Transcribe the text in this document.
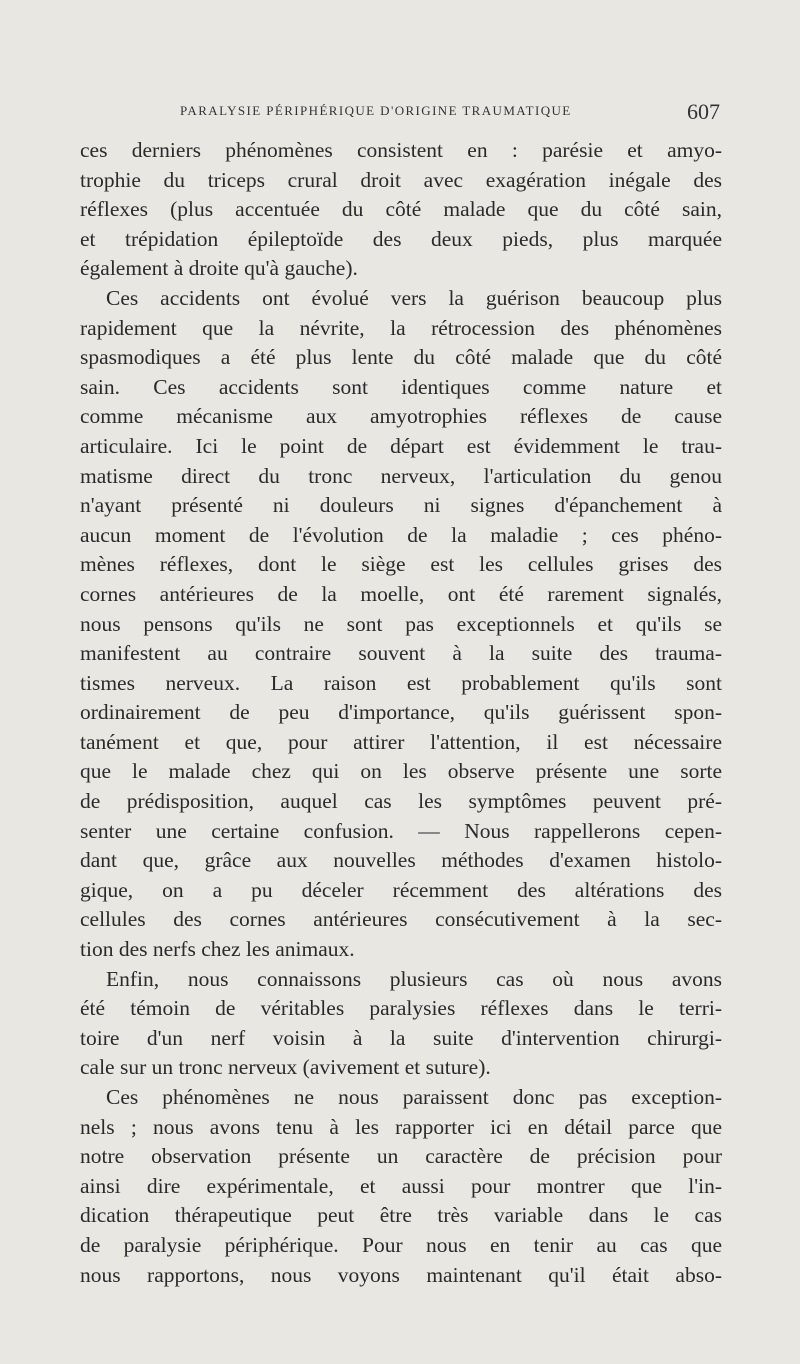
PARALYSIE PÉRIPHÉRIQUE D'ORIGINE TRAUMATIQUE	607
ces derniers phénomènes consistent en : parésie et amyo-
trophie du triceps crural droit avec exagération inégale des
réflexes (plus accentuée du côté malade que du côté sain,
et trépidation épileptoïde des deux pieds, plus marquée
également à droite qu'à gauche).
Ces accidents ont évolué vers la guérison beaucoup plus
rapidement que la névrite, la rétrocession des phénomènes
spasmodiques a été plus lente du côté malade que du côté
sain. Ces accidents sont identiques comme nature et
comme mécanisme aux amyotrophies réflexes de cause
articulaire. Ici le point de départ est évidemment le trau-
matisme direct du tronc nerveux, l'articulation du genou
n'ayant présenté ni douleurs ni signes d'épanchement à
aucun moment de l'évolution de la maladie ; ces phéno-
mènes réflexes, dont le siège est les cellules grises des
cornes antérieures de la moelle, ont été rarement signalés,
nous pensons qu'ils ne sont pas exceptionnels et qu'ils se
manifestent au contraire souvent à la suite des trauma-
tismes nerveux. La raison est probablement qu'ils sont
ordinairement de peu d'importance, qu'ils guérissent spon-
tanément et que, pour attirer l'attention, il est nécessaire
que le malade chez qui on les observe présente une sorte
de prédisposition, auquel cas les symptômes peuvent pré-
senter une certaine confusion. — Nous rappellerons cepen-
dant que, grâce aux nouvelles méthodes d'examen histolo-
gique, on a pu déceler récemment des altérations des
cellules des cornes antérieures consécutivement à la sec-
tion des nerfs chez les animaux.
Enfin, nous connaissons plusieurs cas où nous avons
été témoin de véritables paralysies réflexes dans le terri-
toire d'un nerf voisin à la suite d'intervention chirurgi-
cale sur un tronc nerveux (avivement et suture).
Ces phénomènes ne nous paraissent donc pas exception-
nels ; nous avons tenu à les rapporter ici en détail parce que
notre observation présente un caractère de précision pour
ainsi dire expérimentale, et aussi pour montrer que l'in-
dication thérapeutique peut être très variable dans le cas
de paralysie périphérique. Pour nous en tenir au cas que
nous rapportons, nous voyons maintenant qu'il était abso-
